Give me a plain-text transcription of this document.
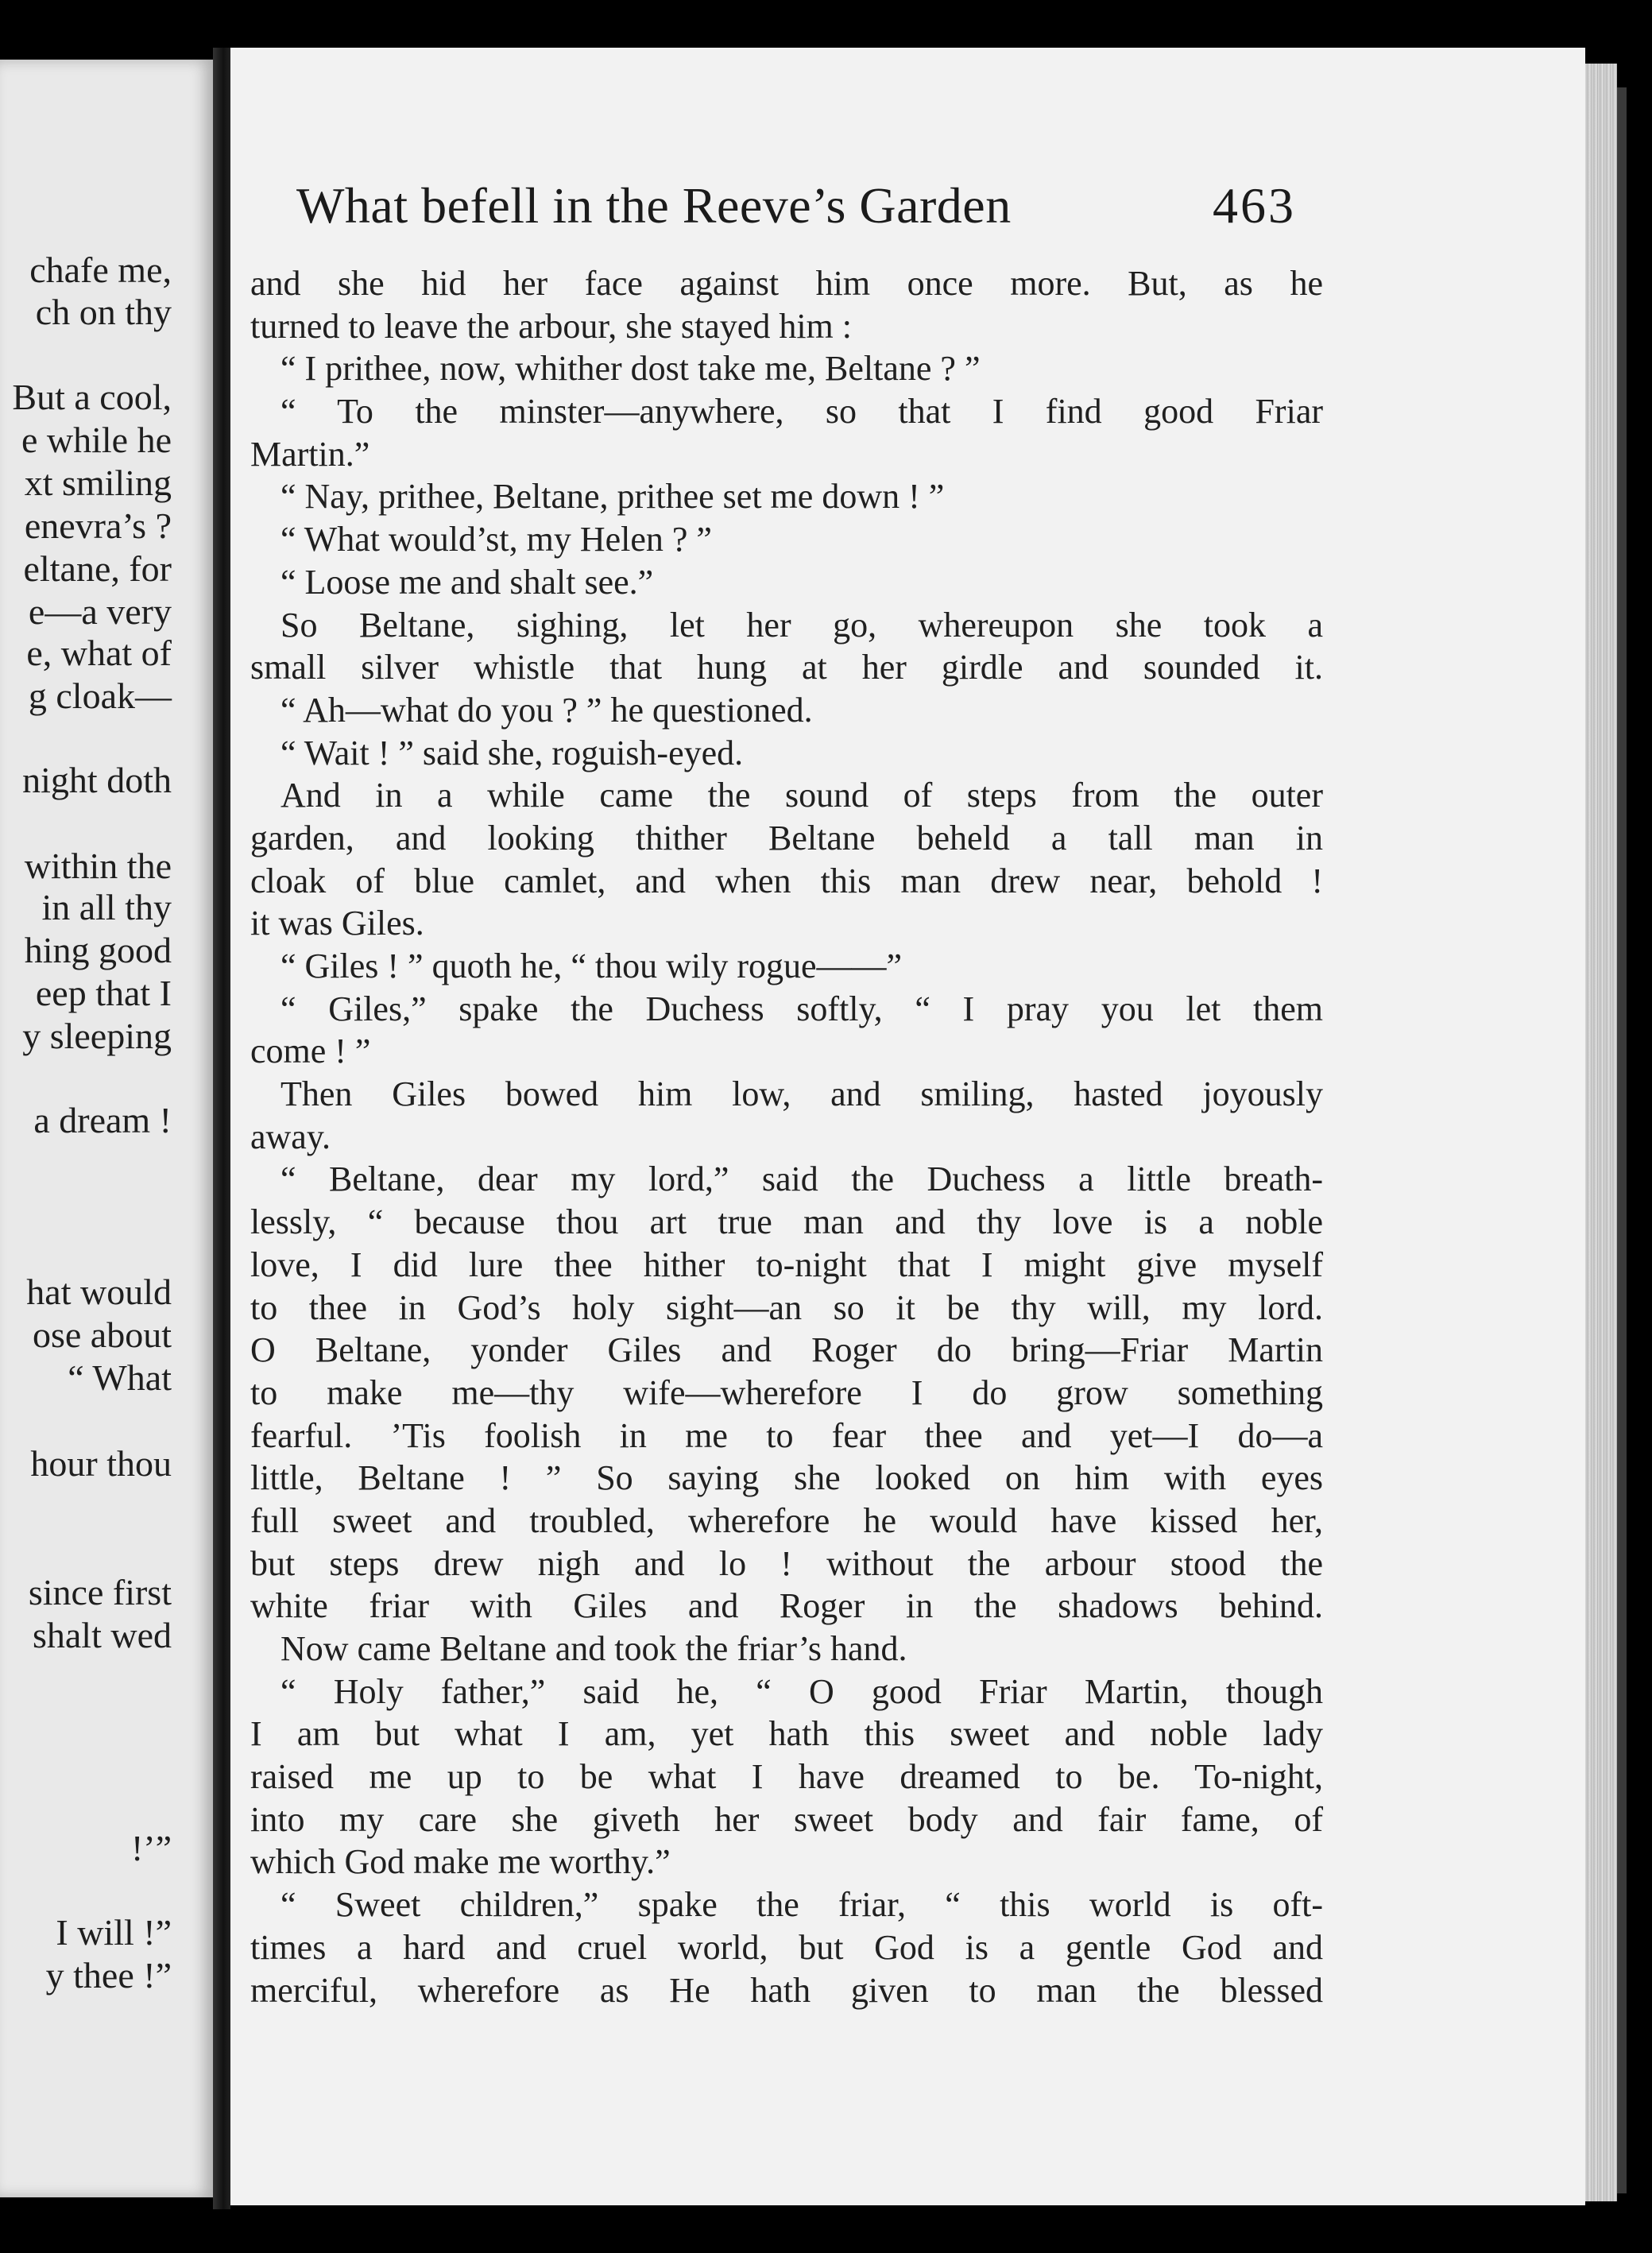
chafe me,
ch on thy
But a cool,
e while he
xt smiling
enevra’s ?
eltane, for
e—a very
e, what of
g cloak—
night doth
within the
in all thy
hing good
eep that I
y sleeping
a dream !
hat would
ose about
“ What
hour thou
since first
shalt wed
!’”
I will !”
y thee !”
What befell in the Reeve’s Garden	463
and she hid her face against him once more. But, as he
turned to leave the arbour, she stayed him :
“ I prithee, now, whither dost take me, Beltane ? ”
“ To the minster—anywhere, so that I find good Friar
Martin.”
“ Nay, prithee, Beltane, prithee set me down ! ”
“ What would’st, my Helen ? ”
“ Loose me and shalt see.”
So Beltane, sighing, let her go, whereupon she took a
small silver whistle that hung at her girdle and sounded it.
“ Ah—what do you ? ” he questioned.
“ Wait ! ” said she, roguish-eyed.
And in a while came the sound of steps from the outer
garden, and looking thither Beltane beheld a tall man in
cloak of blue camlet, and when this man drew near, behold !
it was Giles.
“ Giles ! ” quoth he, “ thou wily rogue——”
“ Giles,” spake the Duchess softly, “ I pray you let them
come ! ”
Then Giles bowed him low, and smiling, hasted joyously
away.
“ Beltane, dear my lord,” said the Duchess a little breath-
lessly, “ because thou art true man and thy love is a noble
love, I did lure thee hither to-night that I might give myself
to thee in God’s holy sight—an so it be thy will, my lord.
O Beltane, yonder Giles and Roger do bring—Friar Martin
to make me—thy wife—wherefore I do grow something
fearful. ’Tis foolish in me to fear thee and yet—I do—a
little, Beltane ! ” So saying she looked on him with eyes
full sweet and troubled, wherefore he would have kissed her,
but steps drew nigh and lo ! without the arbour stood the
white friar with Giles and Roger in the shadows behind.
Now came Beltane and took the friar’s hand.
“ Holy father,” said he, “ O good Friar Martin, though
I am but what I am, yet hath this sweet and noble lady
raised me up to be what I have dreamed to be. To-night,
into my care she giveth her sweet body and fair fame, of
which God make me worthy.”
“ Sweet children,” spake the friar, “ this world is oft-
times a hard and cruel world, but God is a gentle God and
merciful, wherefore as He hath given to man the blessed
